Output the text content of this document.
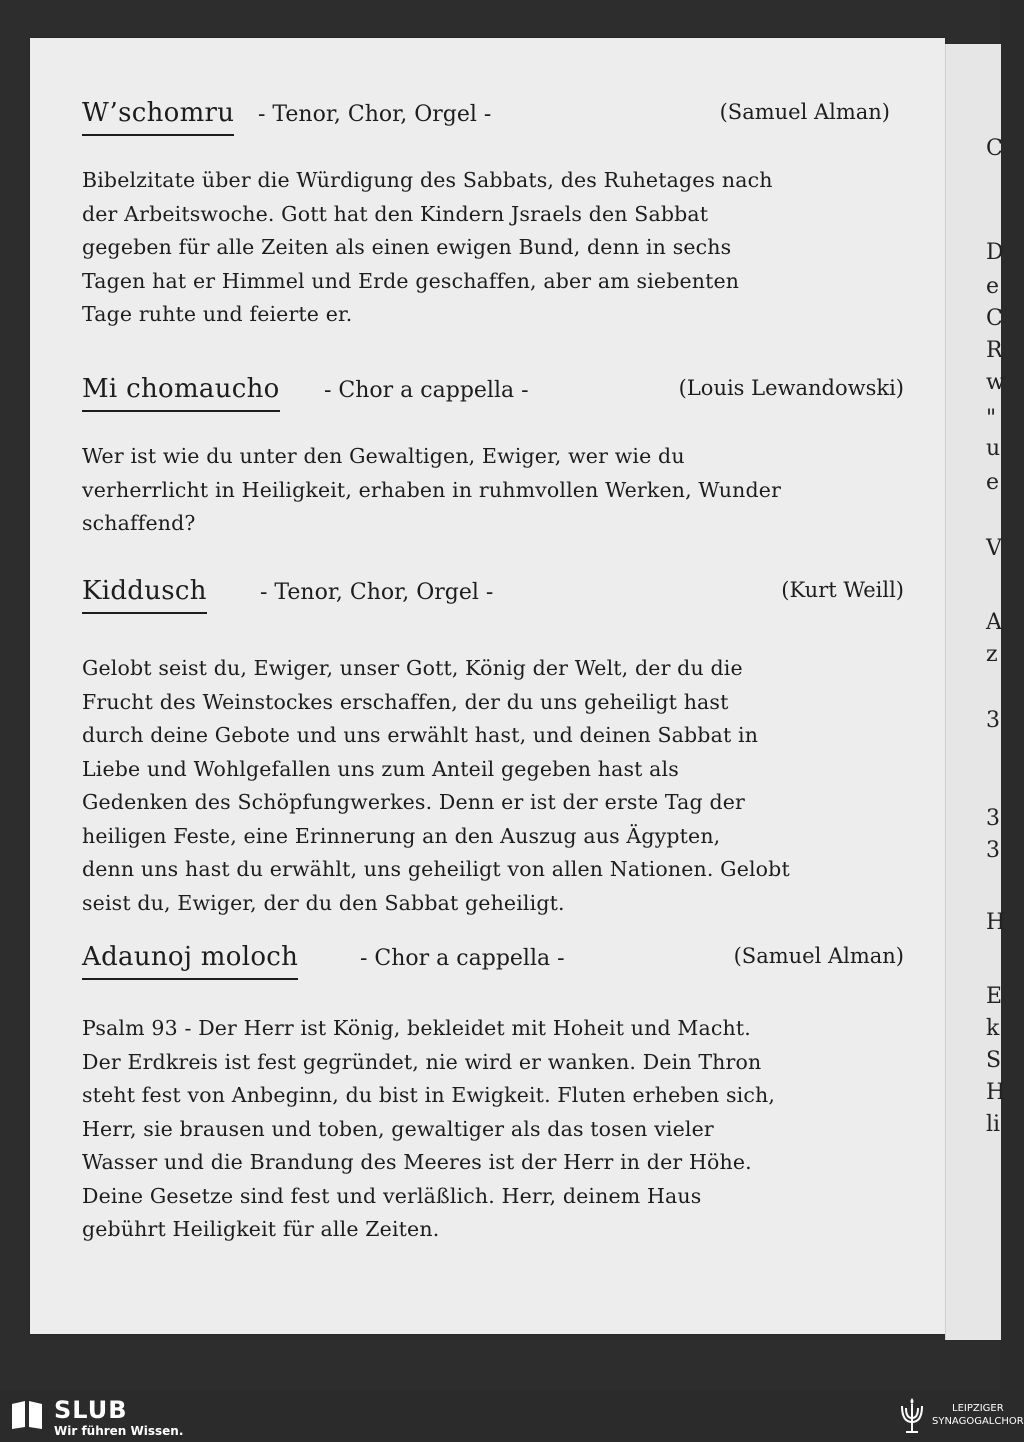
C
D
e
C
R
w
"
u
e
V
A
z
3
3
3
H
E
k
S
H
li
W’schomru - Tenor, Chor, Orgel -	(Samuel Alman)
Bibelzitate über die Würdigung des Sabbats, des Ruhetages nach
der Arbeitswoche. Gott hat den Kindern Jsraels den Sabbat
gegeben für alle Zeiten als einen ewigen Bund, denn in sechs
Tagen hat er Himmel und Erde geschaffen, aber am siebenten
Tage ruhte und feierte er.
Mi chomaucho - Chor a cappella -	(Louis Lewandowski)
Wer ist wie du unter den Gewaltigen, Ewiger, wer wie du
verherrlicht in Heiligkeit, erhaben in ruhmvollen Werken, Wunder
schaffend?
Kiddusch - Tenor, Chor, Orgel -	(Kurt Weill)
Gelobt seist du, Ewiger, unser Gott, König der Welt, der du die
Frucht des Weinstockes erschaffen, der du uns geheiligt hast
durch deine Gebote und uns erwählt hast, und deinen Sabbat in
Liebe und Wohlgefallen uns zum Anteil gegeben hast als
Gedenken des Schöpfungwerkes. Denn er ist der erste Tag der
heiligen Feste, eine Erinnerung an den Auszug aus Ägypten,
denn uns hast du erwählt, uns geheiligt von allen Nationen. Gelobt
seist du, Ewiger, der du den Sabbat geheiligt.
Adaunoj moloch	- Chor a cappella -	(Samuel Alman)
Psalm 93 - Der Herr ist König, bekleidet mit Hoheit und Macht.
Der Erdkreis ist fest gegründet, nie wird er wanken. Dein Thron
steht fest von Anbeginn, du bist in Ewigkeit. Fluten erheben sich,
Herr, sie brausen und toben, gewaltiger als das tosen vieler
Wasser und die Brandung des Meeres ist der Herr in der Höhe.
Deine Gesetze sind fest und verläßlich. Herr, deinem Haus
gebührt Heiligkeit für alle Zeiten.
SLUB
Wir führen Wissen.
LEIPZIGER
SYNAGOGALCHOR
